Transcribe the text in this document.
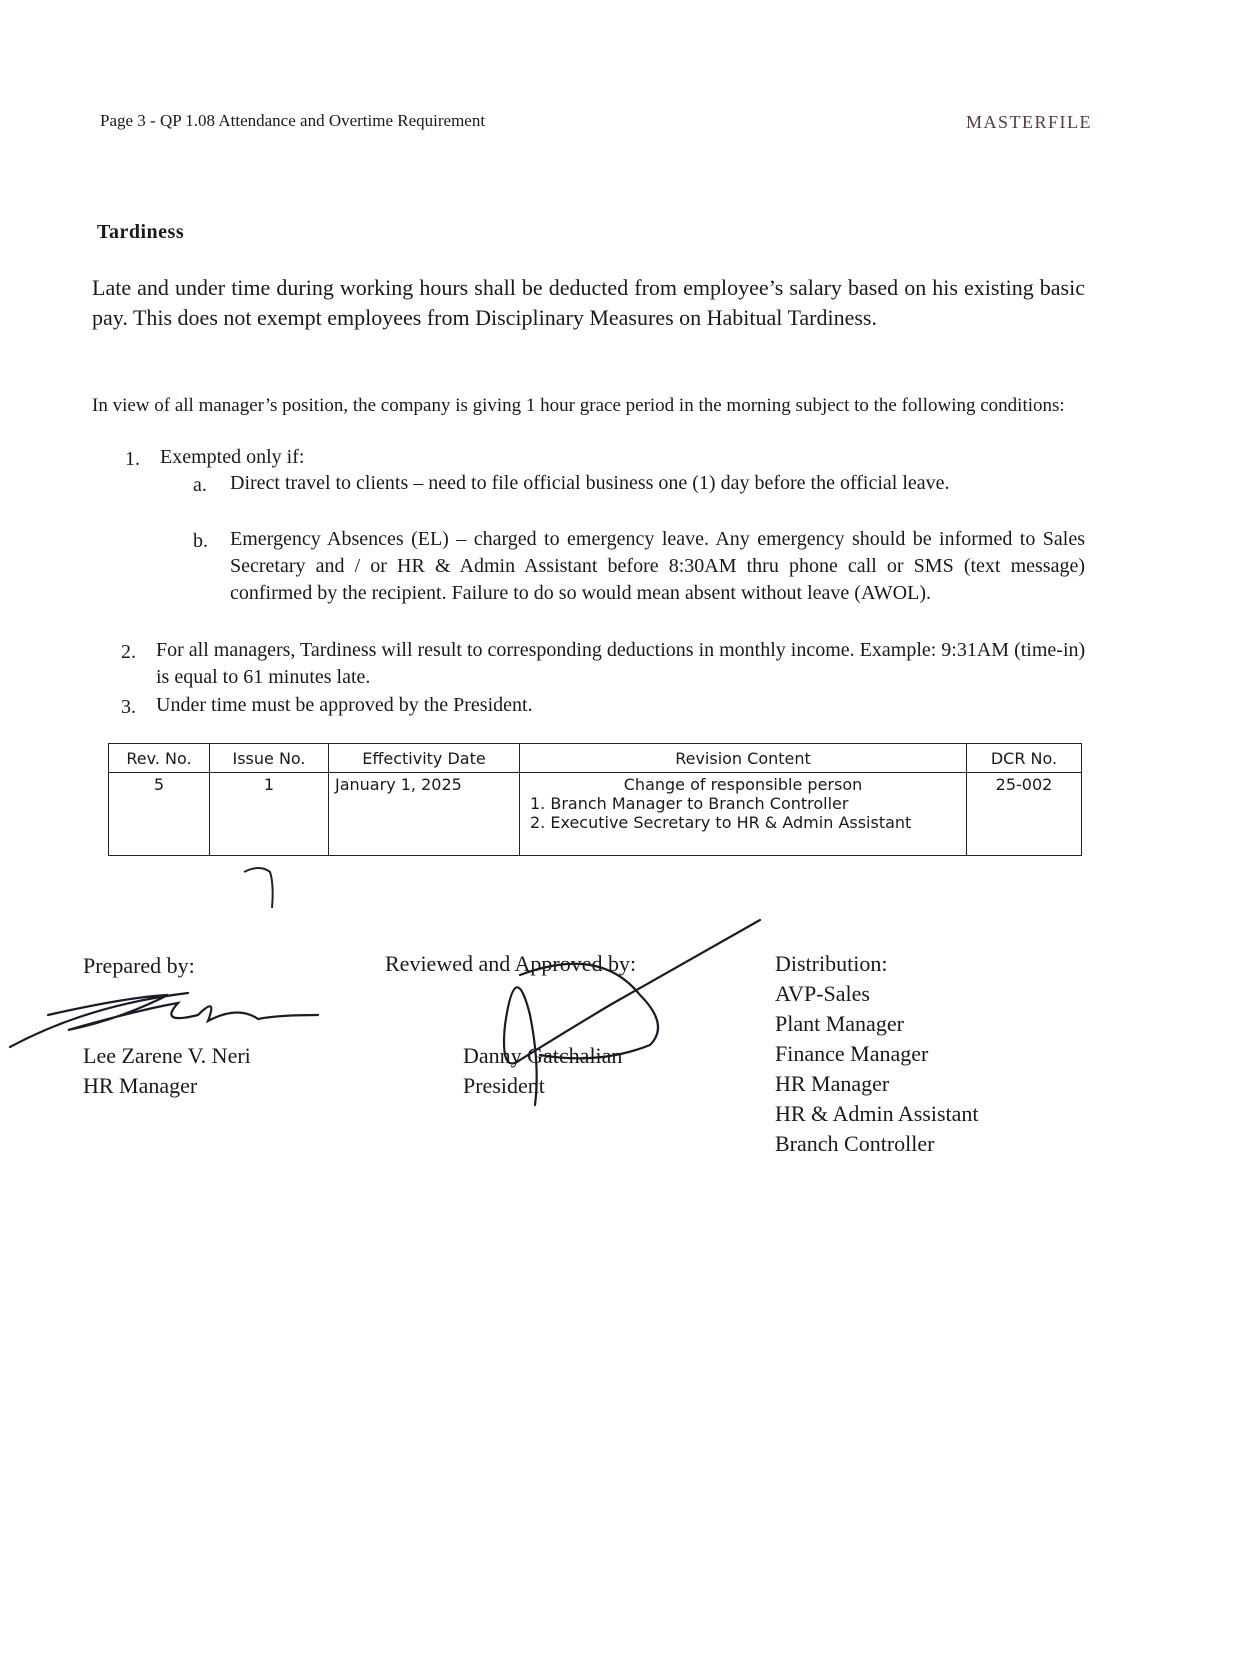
Page 3 - QP 1.08 Attendance and Overtime Requirement	MASTERFILE
Tardiness
Late and under time during working hours shall be deducted from employee’s salary based on his existing basic pay. This does not exempt employees from Disciplinary Measures on Habitual Tardiness.
In view of all manager’s position, the company is giving 1 hour grace period in the morning subject to the following conditions:
1. Exempted only if:
a. Direct travel to clients – need to file official business one (1) day before the official leave.
b. Emergency Absences (EL) – charged to emergency leave. Any emergency should be informed to Sales Secretary and / or HR & Admin Assistant before 8:30AM thru phone call or SMS (text message) confirmed by the recipient. Failure to do so would mean absent without leave (AWOL).
2. For all managers, Tardiness will result to corresponding deductions in monthly income. Example: 9:31AM (time-in) is equal to 61 minutes late.
3. Under time must be approved by the President.
Rev. No.	Issue No.	Effectivity Date	Revision Content	DCR No.
5	1	January 1, 2025	Change of responsible person
1. Branch Manager to Branch Controller
2. Executive Secretary to HR & Admin Assistant	25-002
Prepared by:
Lee Zarene V. Neri
HR Manager
Reviewed and Approved by:
Danny Gatchalian
President
Distribution:
AVP-Sales
Plant Manager
Finance Manager
HR Manager
HR & Admin Assistant
Branch Controller
